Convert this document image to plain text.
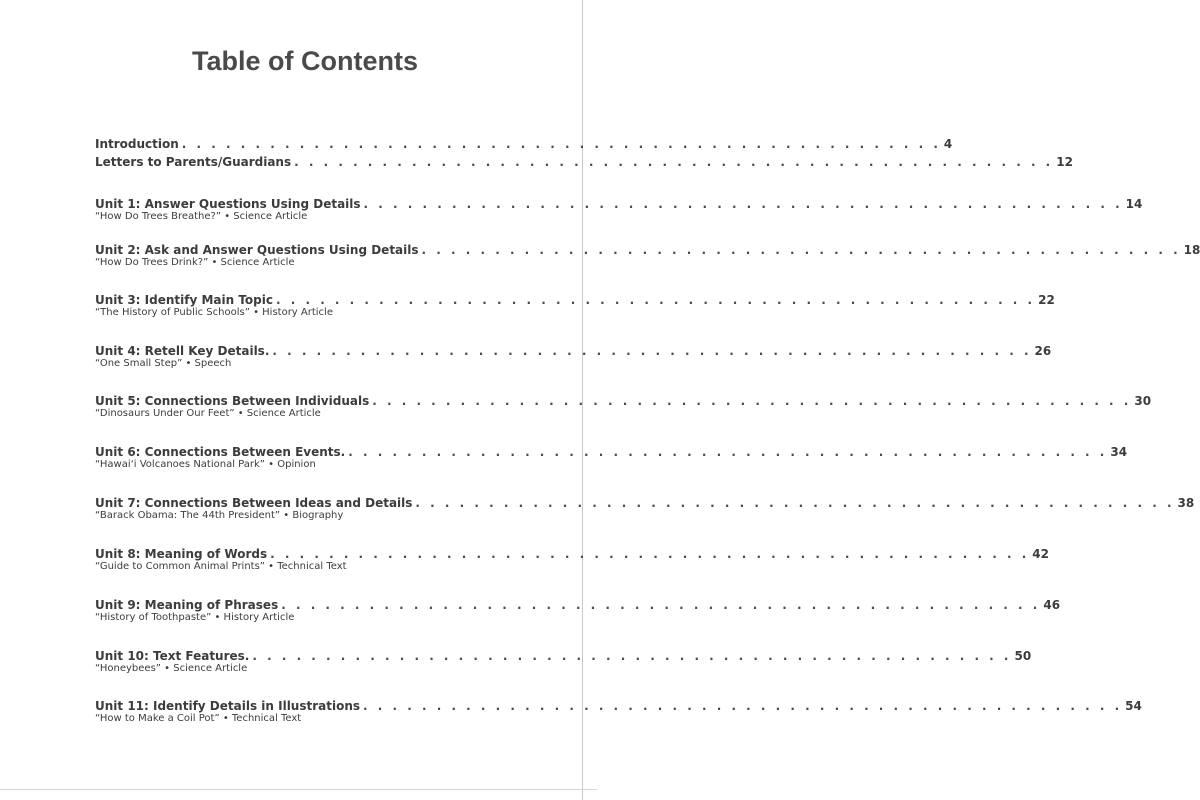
Table of Contents
Introduction . . . . . . . . . . . . . . . . . . . . . . . . . . . . . . . . . . . . . . . . . . . . . . . . . . . . 4
Letters to Parents/Guardians . . . . . . . . . . . . . . . . . . . . . . . . . . . . . . . . . . . . . . . . . . . . . . . . . . . . 12
Unit 1: Answer Questions Using Details . . . . . . . . . . . . . . . . . . . . . . . . . . . . . . . . . . . . . . . . . . . . . . . . . . . . 14
“How Do Trees Breathe?” • Science Article
Unit 2: Ask and Answer Questions Using Details . . . . . . . . . . . . . . . . . . . . . . . . . . . . . . . . . . . . . . . . . . . . . . . . . . . . 18
“How Do Trees Drink?” • Science Article
Unit 3: Identify Main Topic . . . . . . . . . . . . . . . . . . . . . . . . . . . . . . . . . . . . . . . . . . . . . . . . . . . . 22
“The History of Public Schools” • History Article
Unit 4: Retell Key Details. . . . . . . . . . . . . . . . . . . . . . . . . . . . . . . . . . . . . . . . . . . . . . . . . . . . . 26
“One Small Step” • Speech
Unit 5: Connections Between Individuals . . . . . . . . . . . . . . . . . . . . . . . . . . . . . . . . . . . . . . . . . . . . . . . . . . . . 30
“Dinosaurs Under Our Feet” • Science Article
Unit 6: Connections Between Events. . . . . . . . . . . . . . . . . . . . . . . . . . . . . . . . . . . . . . . . . . . . . . . . . . . . . 34
“Hawai‘i Volcanoes National Park” • Opinion
Unit 7: Connections Between Ideas and Details . . . . . . . . . . . . . . . . . . . . . . . . . . . . . . . . . . . . . . . . . . . . . . . . . . . . 38
“Barack Obama: The 44th President” • Biography
Unit 8: Meaning of Words . . . . . . . . . . . . . . . . . . . . . . . . . . . . . . . . . . . . . . . . . . . . . . . . . . . . 42
“Guide to Common Animal Prints” • Technical Text
Unit 9: Meaning of Phrases . . . . . . . . . . . . . . . . . . . . . . . . . . . . . . . . . . . . . . . . . . . . . . . . . . . . 46
“History of Toothpaste” • History Article
Unit 10: Text Features. . . . . . . . . . . . . . . . . . . . . . . . . . . . . . . . . . . . . . . . . . . . . . . . . . . . . 50
“Honeybees” • Science Article
Unit 11: Identify Details in Illustrations . . . . . . . . . . . . . . . . . . . . . . . . . . . . . . . . . . . . . . . . . . . . . . . . . . . . 54
“How to Make a Coil Pot” • Technical Text
